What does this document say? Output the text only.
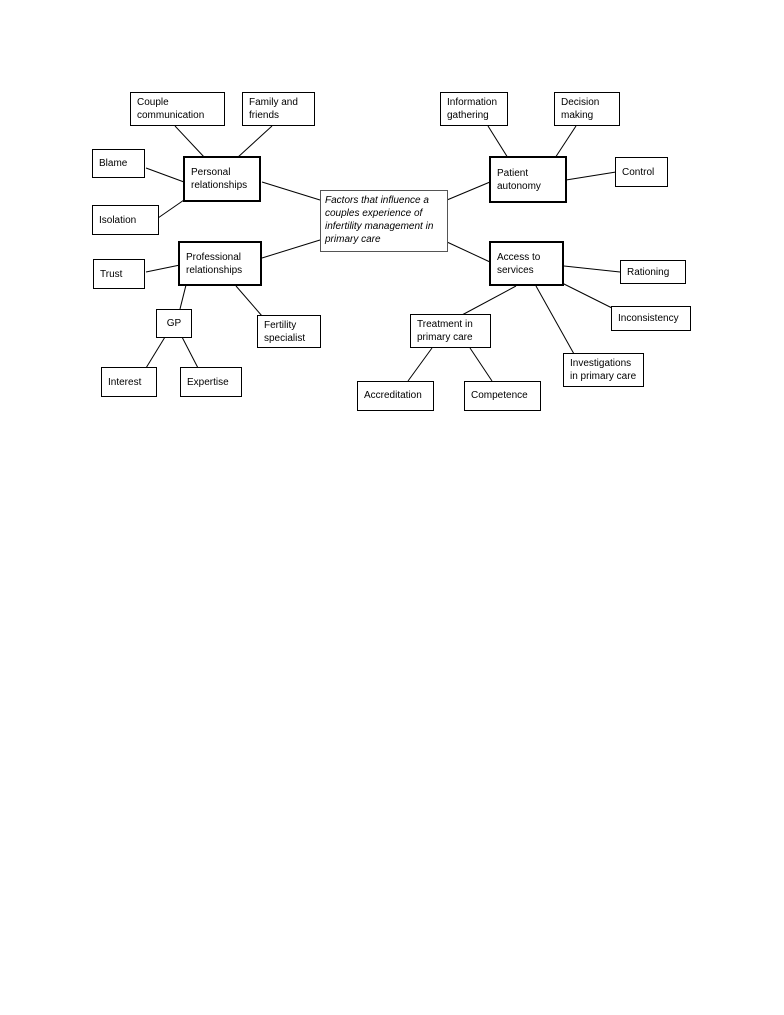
Factors that influence a
couples experience of
infertility management in
primary care
Personal
relationships
Couple
communication
Family and
friends
Blame
Isolation
Professional
relationships
Trust
GP	Fertility
specialist
Interest	Expertise
Patient
autonomy
Information
gathering
Decision
making
Control
Access to
services	Rationing
Inconsistency
Investigations
in primary care
Treatment in
primary care
Accreditation	Competence
